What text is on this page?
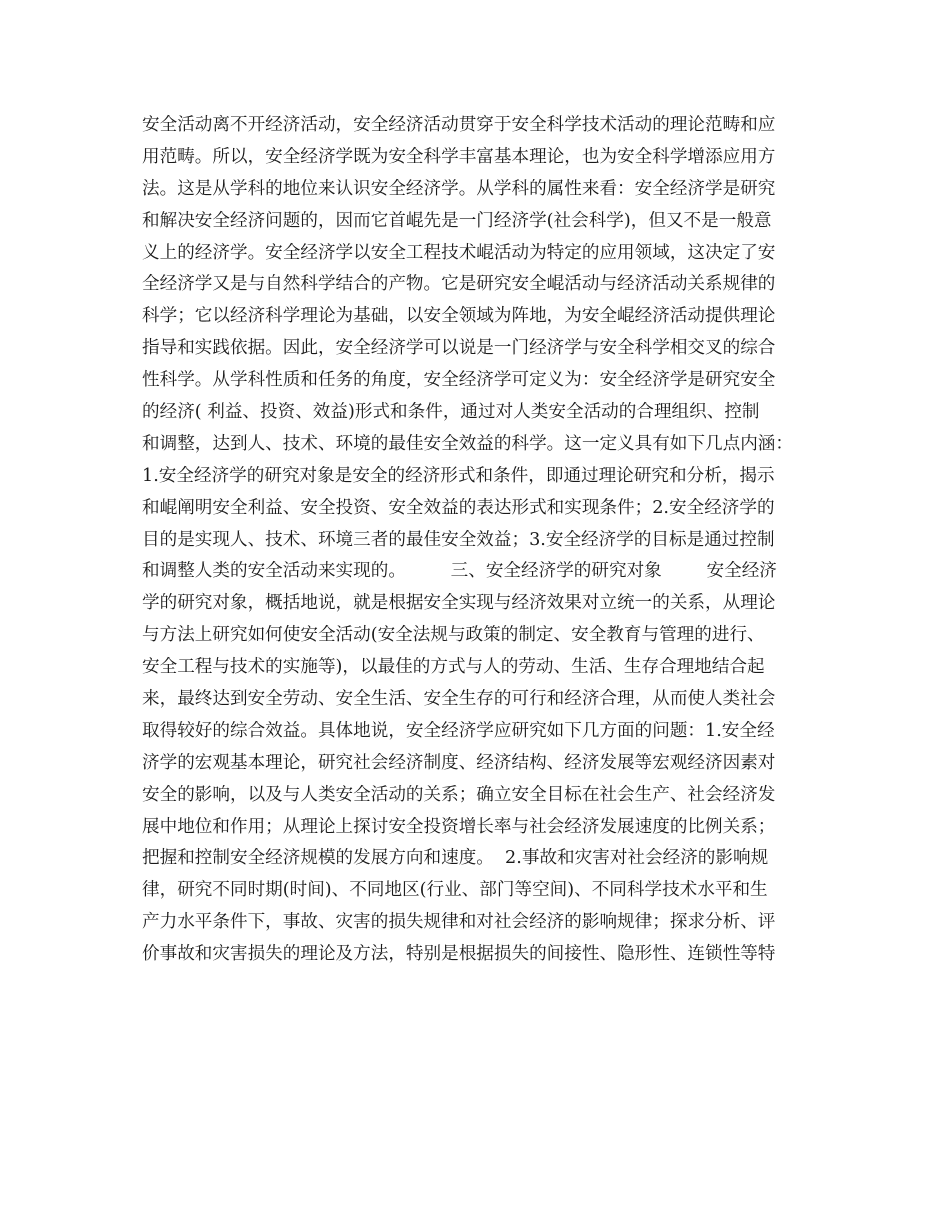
安全活动离不开经济活动，安全经济活动贯穿于安全科学技术活动的理论范畴和应
用范畴。所以，安全经济学既为安全科学丰富基本理论，也为安全科学增添应用方
法。这是从学科的地位来认识安全经济学。从学科的属性来看：安全经济学是研究
和解决安全经济问题的，因而它首崐先是一门经济学(社会科学)，但又不是一般意
义上的经济学。安全经济学以安全工程技术崐活动为特定的应用领域，这决定了安
全经济学又是与自然科学结合的产物。它是研究安全崐活动与经济活动关系规律的
科学；它以经济科学理论为基础，以安全领域为阵地，为安全崐经济活动提供理论
指导和实践依据。因此，安全经济学可以说是一门经济学与安全科学相交叉的综合
性科学。从学科性质和任务的角度，安全经济学可定义为：安全经济学是研究安全
的经济( 利益、投资、效益)形式和条件，通过对人类安全活动的合理组织、控制
和调整，达到人、技术、环境的最佳安全效益的科学。这一定义具有如下几点内涵：
1.安全经济学的研究对象是安全的经济形式和条件，即通过理论研究和分析，揭示
和崐阐明安全利益、安全投资、安全效益的表达形式和实现条件；2.安全经济学的
目的是实现人、技术、环境三者的最佳安全效益；3.安全经济学的目标是通过控制
和调整人类的安全活动来实现的。        三、安全经济学的研究对象        安全经济
学的研究对象，概括地说，就是根据安全实现与经济效果对立统一的关系，从理论
与方法上研究如何使安全活动(安全法规与政策的制定、安全教育与管理的进行、
安全工程与技术的实施等)，以最佳的方式与人的劳动、生活、生存合理地结合起
来，最终达到安全劳动、安全生活、安全生存的可行和经济合理，从而使人类社会
取得较好的综合效益。具体地说，安全经济学应研究如下几方面的问题：1.安全经
济学的宏观基本理论，研究社会经济制度、经济结构、经济发展等宏观经济因素对
安全的影响，以及与人类安全活动的关系；确立安全目标在社会生产、社会经济发
展中地位和作用；从理论上探讨安全投资增长率与社会经济发展速度的比例关系；
把握和控制安全经济规模的发展方向和速度。  2.事故和灾害对社会经济的影响规
律，研究不同时期(时间)、不同地区(行业、部门等空间)、不同科学技术水平和生
产力水平条件下，事故、灾害的损失规律和对社会经济的影响规律；探求分析、评
价事故和灾害损失的理论及方法，特别是根据损失的间接性、隐形性、连锁性等特
